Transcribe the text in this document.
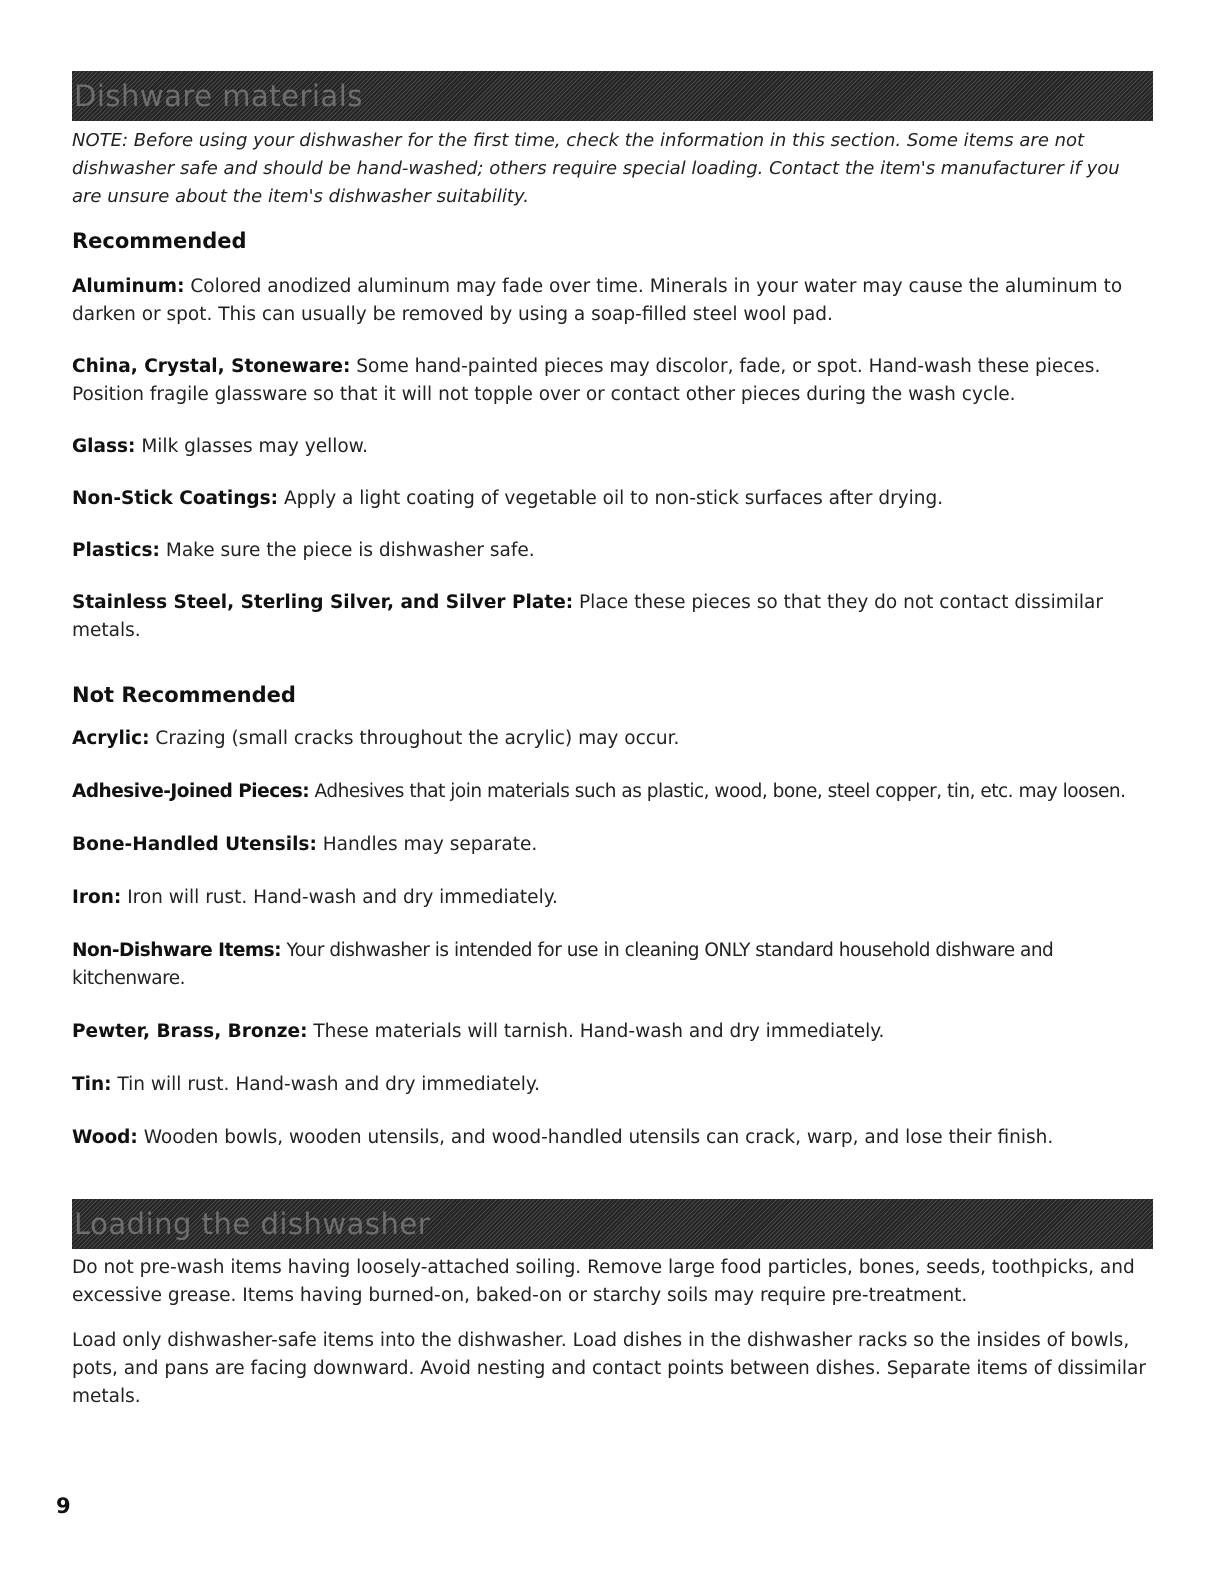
Dishware materials

NOTE: Before using your dishwasher for the first time, check the information in this section. Some items are not dishwasher safe and should be hand-washed; others require special loading. Contact the item's manufacturer if you are unsure about the item's dishwasher suitability.

Recommended

Aluminum: Colored anodized aluminum may fade over time. Minerals in your water may cause the aluminum to darken or spot. This can usually be removed by using a soap-filled steel wool pad.

China, Crystal, Stoneware: Some hand-painted pieces may discolor, fade, or spot. Hand-wash these pieces. Position fragile glassware so that it will not topple over or contact other pieces during the wash cycle.

Glass: Milk glasses may yellow.

Non-Stick Coatings: Apply a light coating of vegetable oil to non-stick surfaces after drying.

Plastics: Make sure the piece is dishwasher safe.

Stainless Steel, Sterling Silver, and Silver Plate: Place these pieces so that they do not contact dissimilar metals.

Not Recommended

Acrylic: Crazing (small cracks throughout the acrylic) may occur.

Adhesive-Joined Pieces: Adhesives that join materials such as plastic, wood, bone, steel copper, tin, etc. may loosen.

Bone-Handled Utensils: Handles may separate.

Iron: Iron will rust. Hand-wash and dry immediately.

Non-Dishware Items: Your dishwasher is intended for use in cleaning ONLY standard household dishware and kitchenware.

Pewter, Brass, Bronze: These materials will tarnish. Hand-wash and dry immediately.

Tin: Tin will rust. Hand-wash and dry immediately.

Wood: Wooden bowls, wooden utensils, and wood-handled utensils can crack, warp, and lose their finish.

Loading the dishwasher

Do not pre-wash items having loosely-attached soiling. Remove large food particles, bones, seeds, toothpicks, and excessive grease. Items having burned-on, baked-on or starchy soils may require pre-treatment.

Load only dishwasher-safe items into the dishwasher. Load dishes in the dishwasher racks so the insides of bowls, pots, and pans are facing downward. Avoid nesting and contact points between dishes. Separate items of dissimilar metals.

9
